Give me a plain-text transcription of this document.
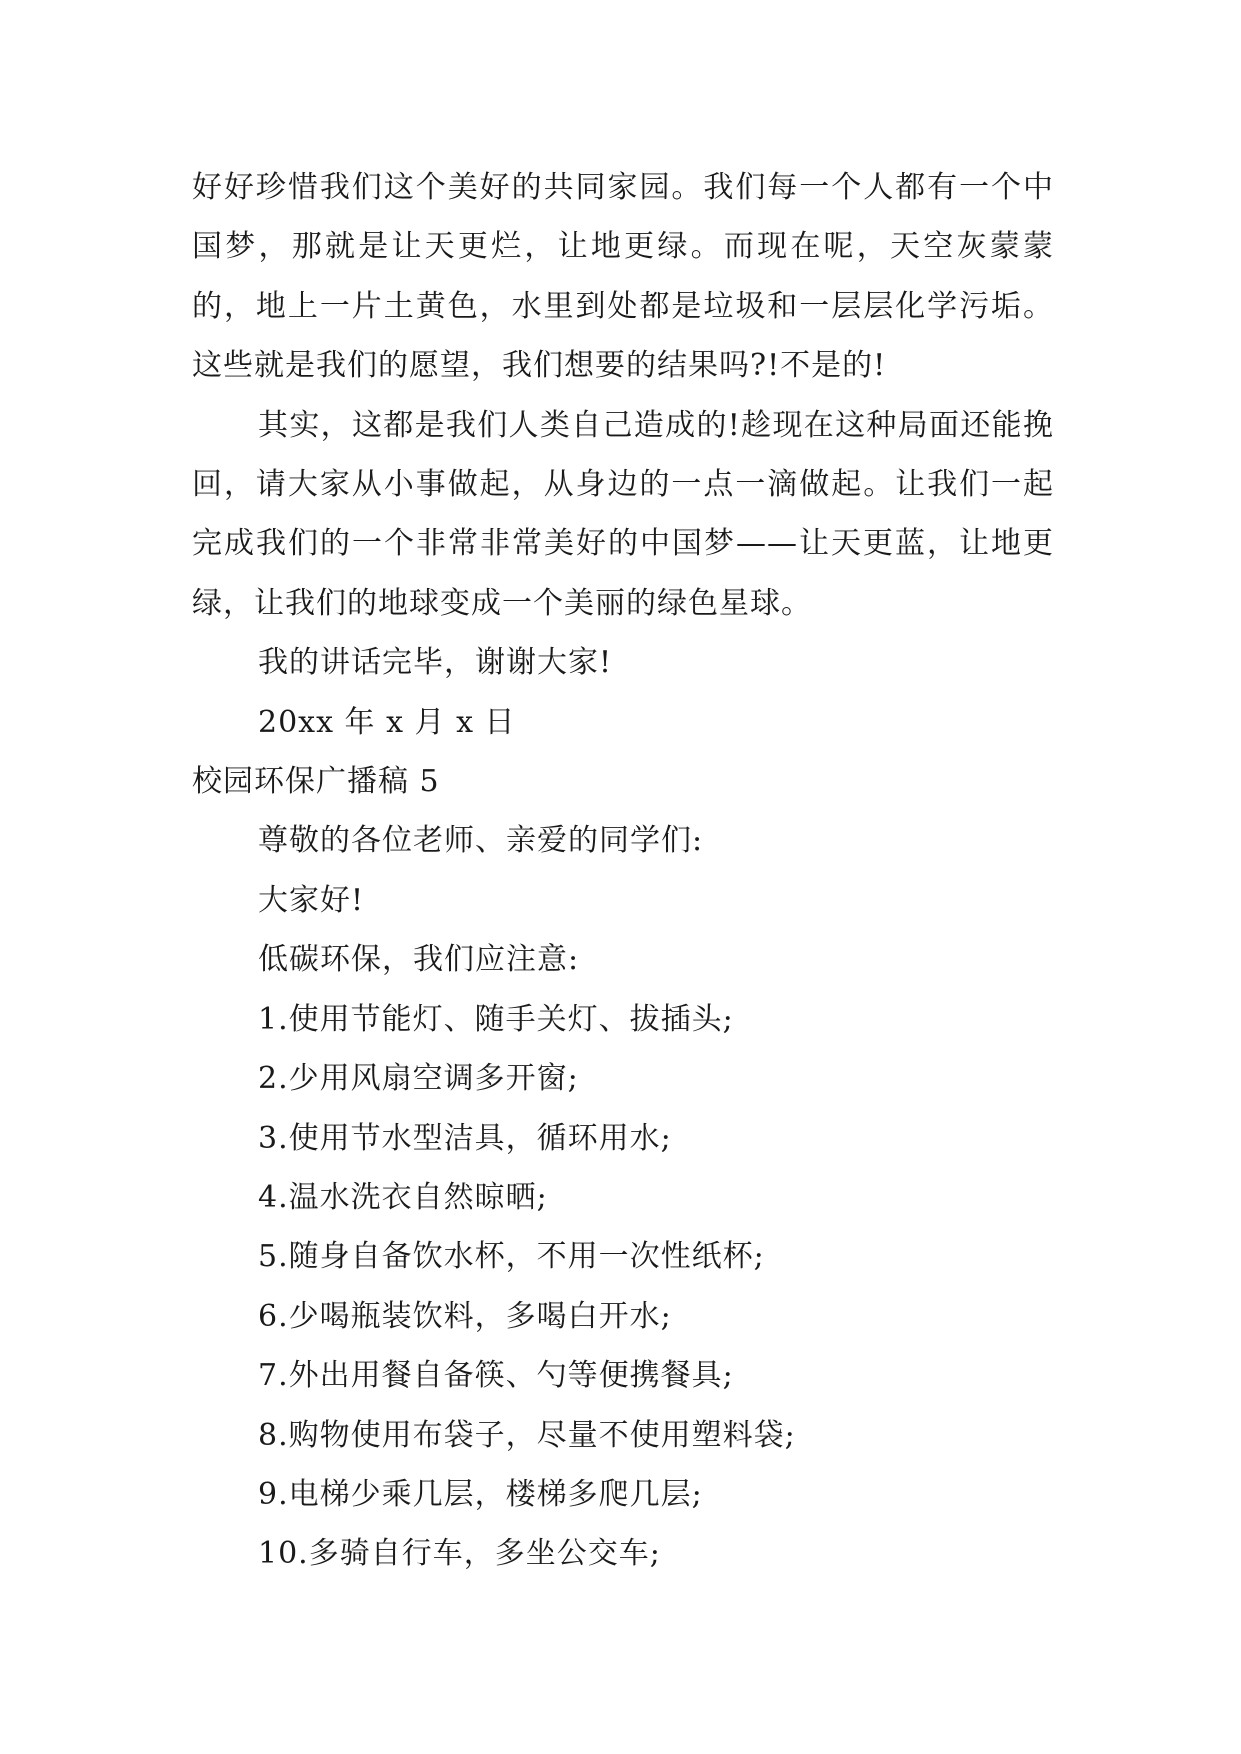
好好珍惜我们这个美好的共同家园。我们每一个人都有一个中国梦，那就是让天更烂，让地更绿。而现在呢，天空灰蒙蒙的，地上一片土黄色，水里到处都是垃圾和一层层化学污垢。这些就是我们的愿望，我们想要的结果吗?!不是的!

其实，这都是我们人类自己造成的!趁现在这种局面还能挽回，请大家从小事做起，从身边的一点一滴做起。让我们一起完成我们的一个非常非常美好的中国梦——让天更蓝，让地更绿，让我们的地球变成一个美丽的绿色星球。

我的讲话完毕，谢谢大家!

20xx 年 x 月 x 日

校园环保广播稿 5

尊敬的各位老师、亲爱的同学们:

大家好!

低碳环保，我们应注意:

1.使用节能灯、随手关灯、拔插头;

2.少用风扇空调多开窗;

3.使用节水型洁具，循环用水;

4.温水洗衣自然晾晒;

5.随身自备饮水杯，不用一次性纸杯;

6.少喝瓶装饮料，多喝白开水;

7.外出用餐自备筷、勺等便携餐具;

8.购物使用布袋子，尽量不使用塑料袋;

9.电梯少乘几层，楼梯多爬几层;

10.多骑自行车，多坐公交车;
